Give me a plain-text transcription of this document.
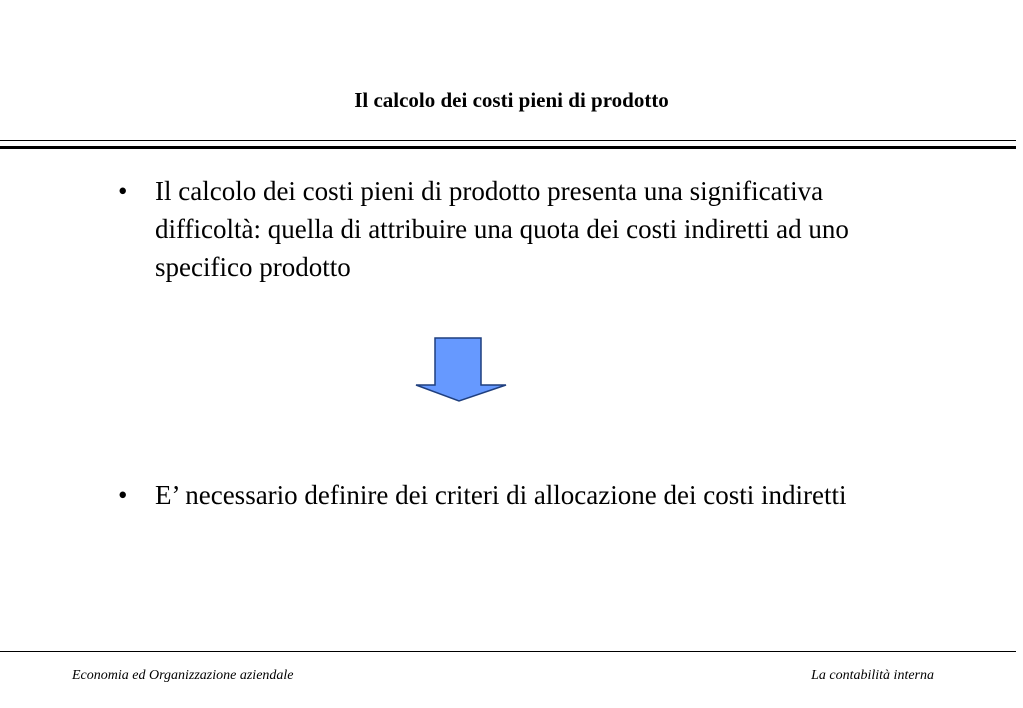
Il calcolo dei costi pieni di prodotto
• Il calcolo dei costi pieni di prodotto presenta una significativa difficoltà: quella di attribuire una quota dei costi indiretti ad uno specifico prodotto
• E’ necessario definire dei criteri di allocazione dei costi indiretti
Economia ed Organizzazione aziendale	La contabilità interna
